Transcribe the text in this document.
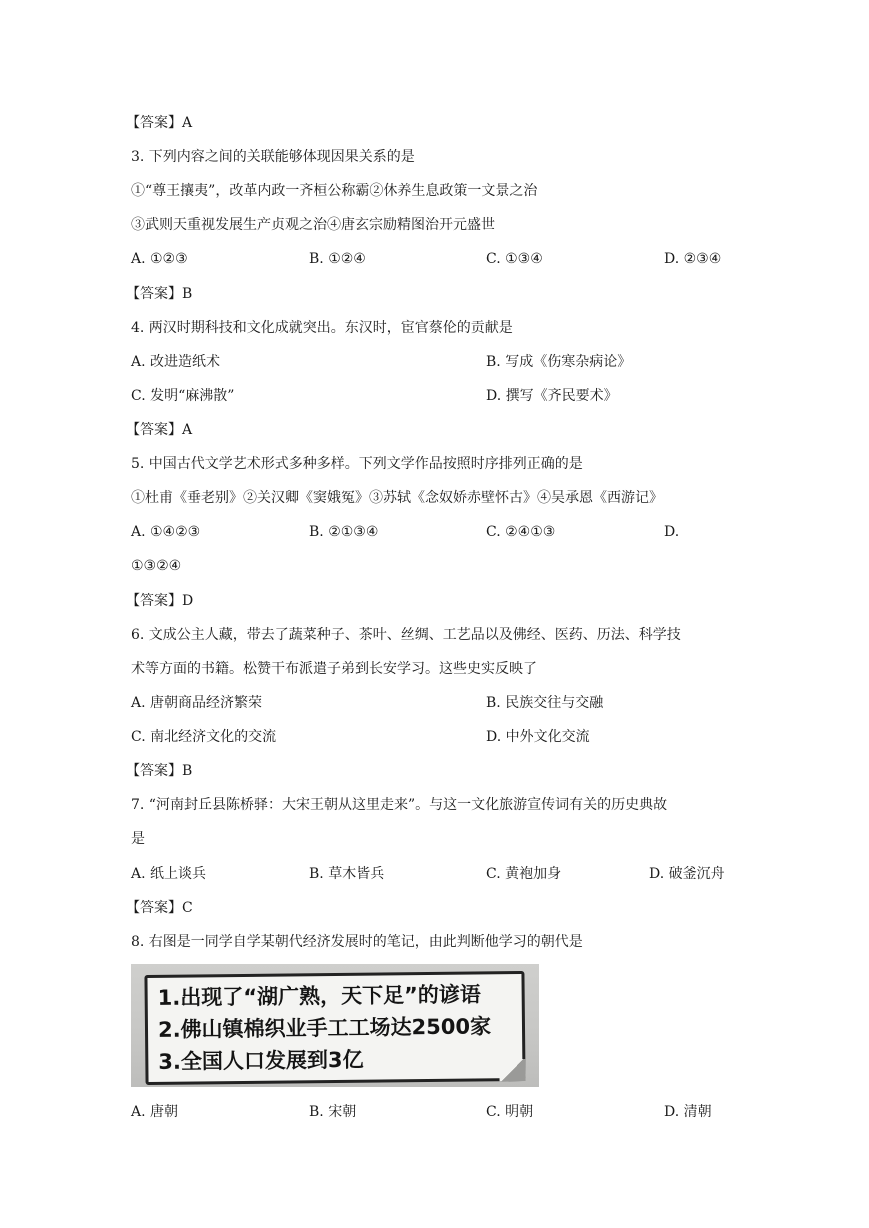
【答案】A
3. 下列内容之间的关联能够体现因果关系的是
①“尊王攘夷”，改革内政一齐桓公称霸②休养生息政策一文景之治
③武则天重视发展生产贞观之治④唐玄宗励精图治开元盛世
A. ①②③	B. ①②④	C. ①③④	D. ②③④
【答案】B
4. 两汉时期科技和文化成就突出。东汉时，宦官蔡伦的贡献是
A. 改进造纸术	B. 写成《伤寒杂病论》
C. 发明“麻沸散”	D. 撰写《齐民要术》
【答案】A
5. 中国古代文学艺术形式多种多样。下列文学作品按照时序排列正确的是
①杜甫《垂老别》②关汉卿《窦娥冤》③苏轼《念奴娇赤壁怀古》④吴承恩《西游记》
A. ①④②③	B. ②①③④	C. ②④①③	D.
①③②④
【答案】D
6. 文成公主人藏，带去了蔬菜种子、茶叶、丝绸、工艺品以及佛经、医药、历法、科学技
术等方面的书籍。松赞干布派遣子弟到长安学习。这些史实反映了
A. 唐朝商品经济繁荣	B. 民族交往与交融
C. 南北经济文化的交流	D. 中外文化交流
【答案】B
7. “河南封丘县陈桥驿：大宋王朝从这里走来”。与这一文化旅游宣传词有关的历史典故
是
A. 纸上谈兵	B. 草木皆兵	C. 黄袍加身	D. 破釜沉舟
【答案】C
8. 右图是一同学自学某朝代经济发展时的笔记，由此判断他学习的朝代是
1.出现了“湖广熟，天下足”的谚语
2.佛山镇棉织业手工工场达2500家
3.全国人口发展到3亿
A. 唐朝	B. 宋朝	C. 明朝	D. 清朝
